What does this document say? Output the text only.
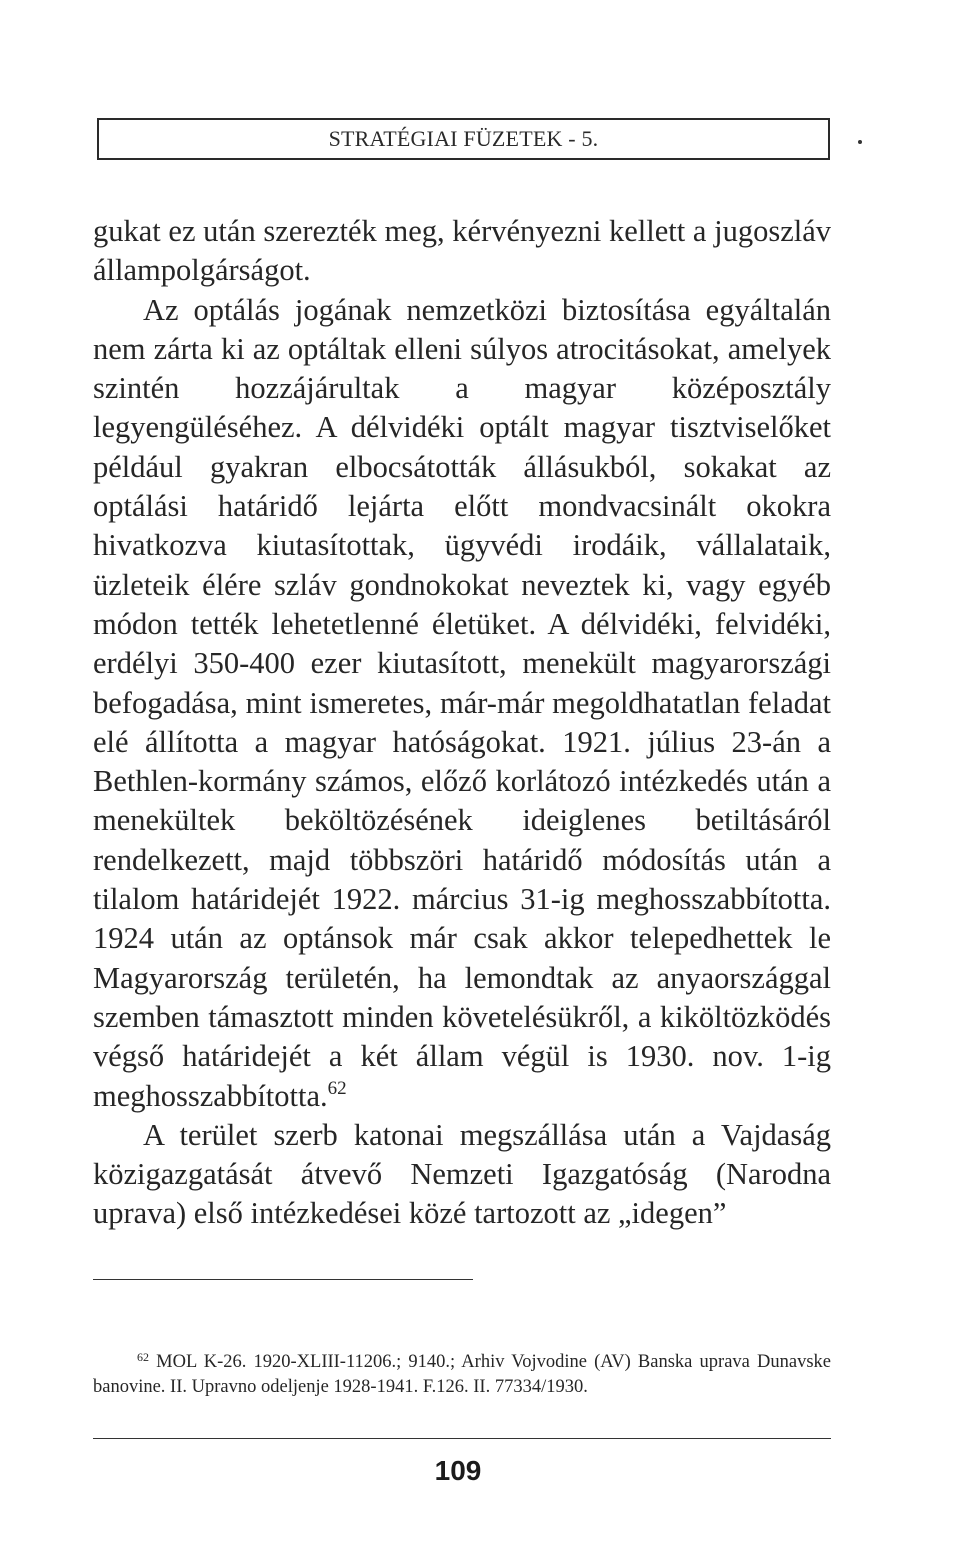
STRATÉGIAI FÜZETEK - 5.

gukat ez után szerezték meg, kérvényezni kellett a jugoszláv állampolgárságot.

Az optálás jogának nemzetközi biztosítása egyáltalán nem zárta ki az optáltak elleni súlyos atrocitásokat, amelyek szintén hozzájárultak a magyar középosztály legyengüléséhez. A délvidéki optált magyar tisztviselőket például gyakran elbocsátották állásukból, sokakat az optálási határidő lejárta előtt mondvacsinált okokra hivatkozva kiutasítottak, ügyvédi irodáik, vállalataik, üzleteik élére szláv gondnokokat neveztek ki, vagy egyéb módon tették lehetetlenné életüket. A délvidéki, felvidéki, erdélyi 350-400 ezer kiutasított, menekült magyarországi befogadása, mint ismeretes, már-már megoldhatatlan feladat elé állította a magyar hatóságokat. 1921. július 23-án a Bethlen-kormány számos, előző korlátozó intézkedés után a menekültek beköltözésének ideiglenes betiltásáról rendelkezett, majd többszöri határidő módosítás után a tilalom határidejét 1922. március 31-ig meghosszabbította. 1924 után az optánsok már csak akkor telepedhettek le Magyarország területén, ha lemondtak az anyaországgal szemben támasztott minden követelésükről, a kiköltözködés végső határidejét a két állam végül is 1930. nov. 1-ig meghosszabbította.$^{62}$

A terület szerb katonai megszállása után a Vajdaság közigazgatását átvevő Nemzeti Igazgatóság (Narodna uprava) első intézkedései közé tartozott az „idegen”

$^{62}$ MOL K-26. 1920-XLIII-11206.; 9140.; Arhiv Vojvodine (AV) Banska uprava Dunavske banovine. II. Upravno odeljenje 1928-1941. F.126. II. 77334/1930.

109
